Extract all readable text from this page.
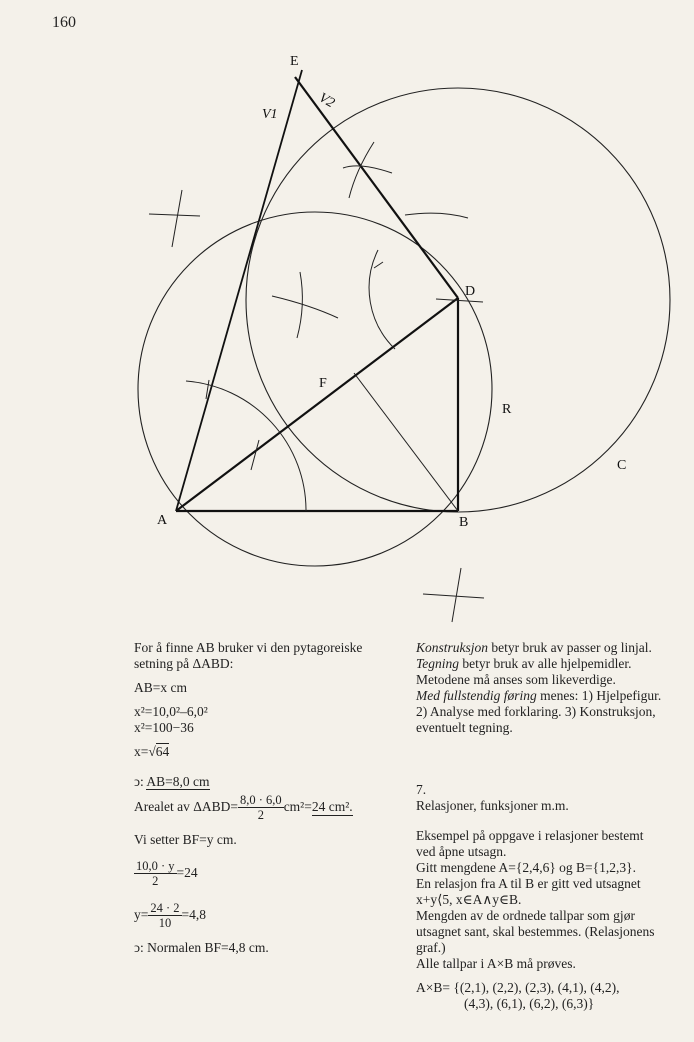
160
E
V1
V2
D
F
R
C
A	B
For å finne AB bruker vi den pytagoreiske
setning på ΔABD:
AB=x cm
x²=10,0²–6,0²
x²=100−36
x=√64
ↄ: AB=8,0 cm
Arealet av $\Delta ABD= \frac{8,0 \cdot 6,0}{2} cm^2= 24$ cm².
Vi setter BF=y cm.
$\frac{10,0 \cdot y}{2} =24$
$y= \frac{24 \cdot 2}{10} =4,8$
ↄ: Normalen BF=4,8 cm.
Konstruksjon betyr bruk av passer og linjal.
Tegning betyr bruk av alle hjelpemidler.
Metodene må anses som likeverdige.
Med fullstendig føring menes: 1) Hjelpefigur.
2) Analyse med forklaring. 3) Konstruksjon,
eventuelt tegning.
7.
Relasjoner, funksjoner m.m.
Eksempel på oppgave i relasjoner bestemt
ved åpne utsagn.
Gitt mengdene A={2,4,6} og B={1,2,3}.
En relasjon fra A til B er gitt ved utsagnet
x+y⟨5, x∈A∧y∈B.
Mengden av de ordnede tallpar som gjør
utsagnet sant, skal bestemmes. (Relasjonens
graf.)
Alle tallpar i A×B må prøves.
A×B= {(2,1), (2,2), (2,3), (4,1), (4,2),
(4,3), (6,1), (6,2), (6,3)}
